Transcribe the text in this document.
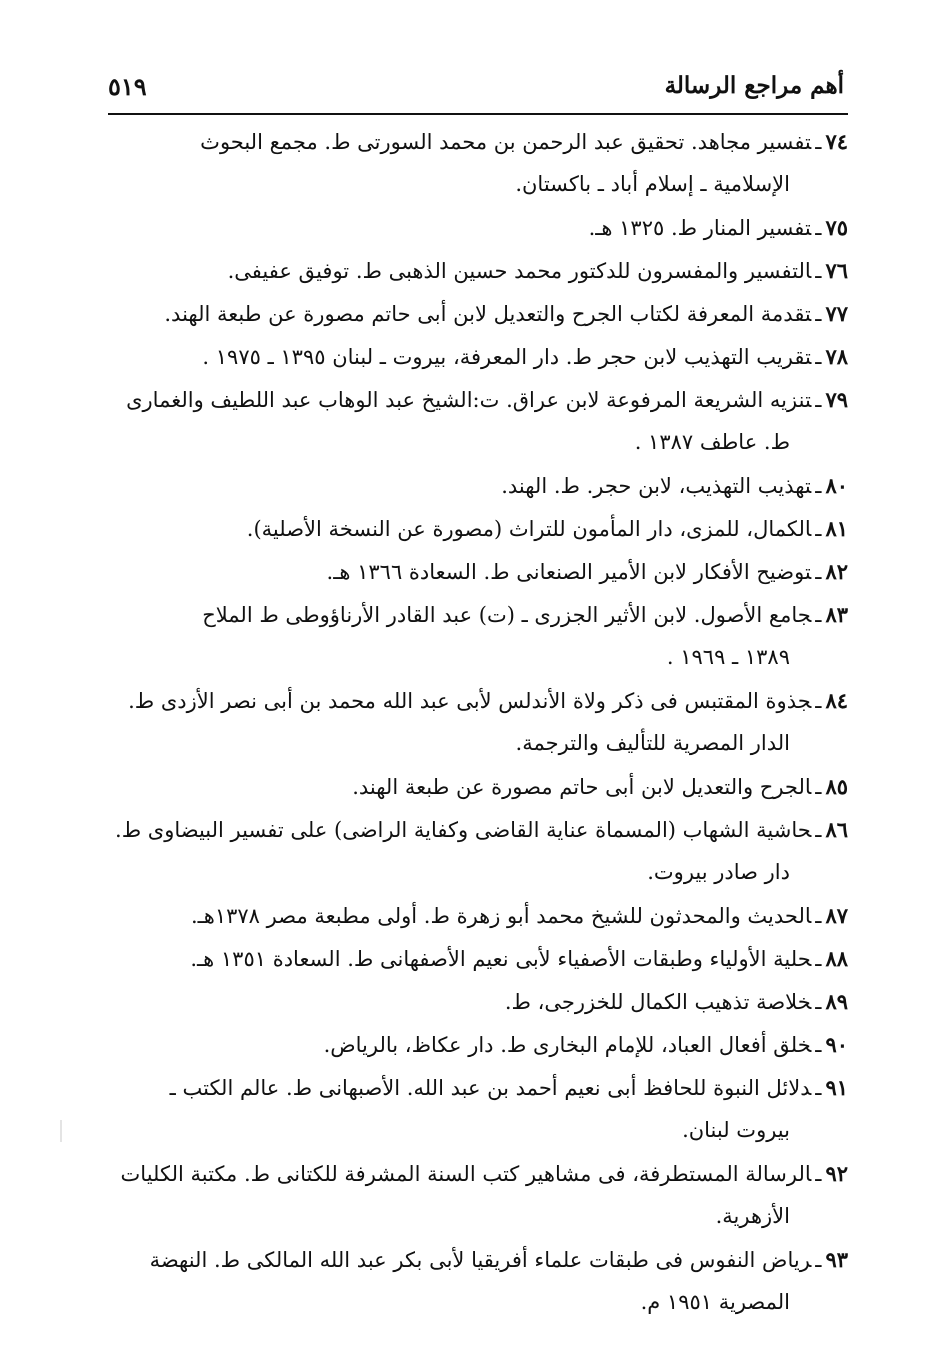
أهم مراجع الرسالة
٥١٩
٧٤ـتفسير مجاهد. تحقيق عبد الرحمن بن محمد السورتى ط. مجمع البحوث
الإسلامية ـ إسلام أباد ـ باكستان.
٧٥ـتفسير المنار ط. ١٣٢٥ هـ.
٧٦ـالتفسير والمفسرون للدكتور محمد حسين الذهبى ط. توفيق عفيفى.
٧٧ـتقدمة المعرفة لكتاب الجرح والتعديل لابن أبى حاتم مصورة عن طبعة الهند.
٧٨ـتقريب التهذيب لابن حجر ط. دار المعرفة، بيروت ـ لبنان ١٣٩٥ ـ ١٩٧٥ .
٧٩ـتنزيه الشريعة المرفوعة لابن عراق. ت:الشيخ عبد الوهاب عبد اللطيف والغمارى
ط. عاطف ١٣٨٧ .
٨٠ـتهذيب التهذيب، لابن حجر. ط. الهند.
٨١ـالكمال، للمزى، دار المأمون للتراث (مصورة عن النسخة الأصلية).
٨٢ـتوضيح الأفكار لابن الأمير الصنعانى ط. السعادة ١٣٦٦ هـ.
٨٣ـجامع الأصول. لابن الأثير الجزرى ـ (ت) عبد القادر الأرناؤوطى ط الملاح
١٣٨٩ ـ ١٩٦٩ .
٨٤ـجذوة المقتبس فى ذكر ولاة الأندلس لأبى عبد الله محمد بن أبى نصر الأزدى ط.
الدار المصرية للتأليف والترجمة.
٨٥ـالجرح والتعديل لابن أبى حاتم مصورة عن طبعة الهند.
٨٦ـحاشية الشهاب (المسماة عناية القاضى وكفاية الراضى) على تفسير البيضاوى ط.
دار صادر بيروت.
٨٧ـالحديث والمحدثون للشيخ محمد أبو زهرة ط. أولى مطبعة مصر ١٣٧٨هـ.
٨٨ـحلية الأولياء وطبقات الأصفياء لأبى نعيم الأصفهانى ط. السعادة ١٣٥١ هـ.
٨٩ـخلاصة تذهيب الكمال للخزرجى، ط.
٩٠ـخلق أفعال العباد، للإمام البخارى ط. دار عكاظ، بالرياض.
٩١ـدلائل النبوة للحافظ أبى نعيم أحمد بن عبد الله. الأصبهانى ط. عالم الكتب ـ
بيروت لبنان.
٩٢ـالرسالة المستطرفة، فى مشاهير كتب السنة المشرفة للكتانى ط. مكتبة الكليات
الأزهرية.
٩٣ـرياض النفوس فى طبقات علماء أفريقيا لأبى بكر عبد الله المالكى ط. النهضة
المصرية ١٩٥١ م.
